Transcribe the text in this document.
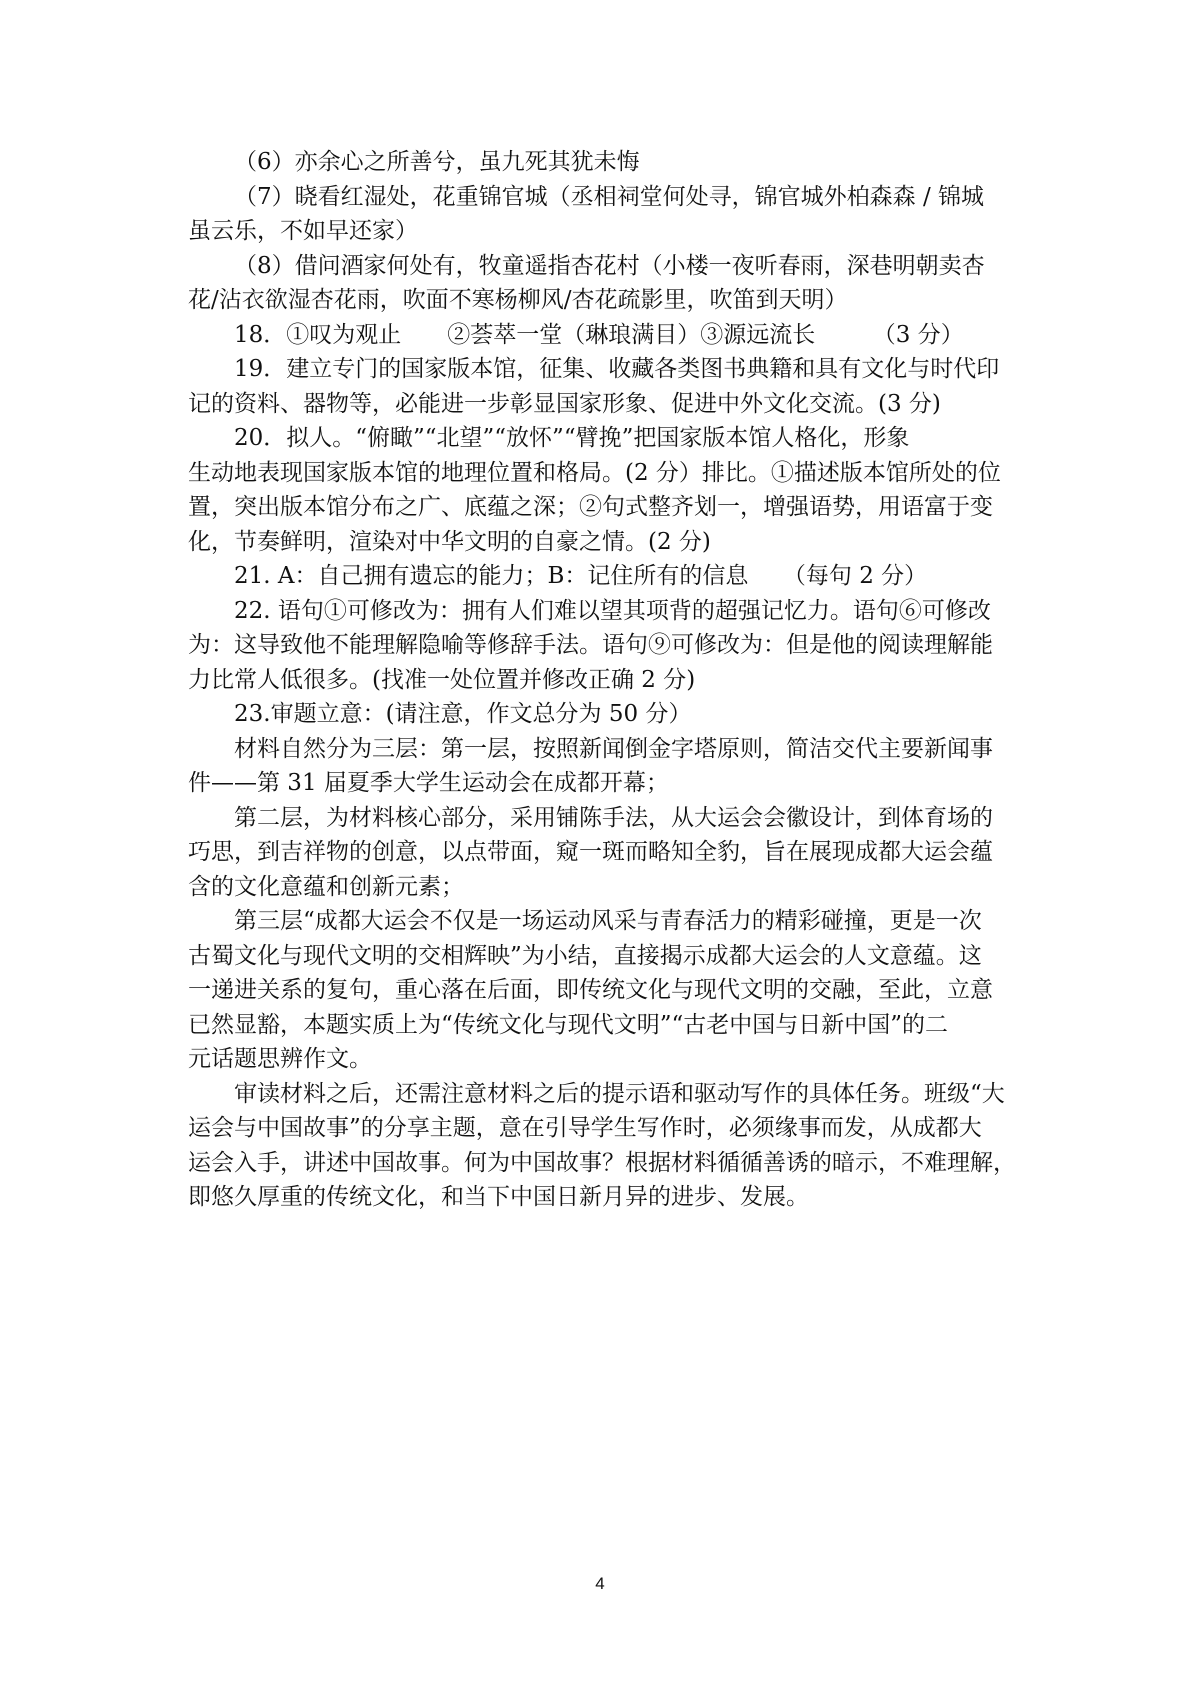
（6）亦余心之所善兮，虽九死其犹未悔
（7）晓看红湿处，花重锦官城（丞相祠堂何处寻，锦官城外柏森森 / 锦城
虽云乐，不如早还家）
（8）借问酒家何处有，牧童遥指杏花村（小楼一夜听春雨，深巷明朝卖杏
花/沾衣欲湿杏花雨，吹面不寒杨柳风/杏花疏影里，吹笛到天明）
18．①叹为观止　　②荟萃一堂（琳琅满目）③源远流长　　　（3 分）
19．建立专门的国家版本馆，征集、收藏各类图书典籍和具有文化与时代印
记的资料、器物等，必能进一步彰显国家形象、促进中外文化交流。(3 分)
20．拟人。“俯瞰”“北望”“放怀”“臂挽”把国家版本馆人格化，形象
生动地表现国家版本馆的地理位置和格局。(2 分）排比。①描述版本馆所处的位
置，突出版本馆分布之广、底蕴之深；②句式整齐划一，增强语势，用语富于变
化，节奏鲜明，渲染对中华文明的自豪之情。(2 分)
21. A：自己拥有遗忘的能力；B：记住所有的信息　　（每句 2 分）
22. 语句①可修改为：拥有人们难以望其项背的超强记忆力。语句⑥可修改
为：这导致他不能理解隐喻等修辞手法。语句⑨可修改为：但是他的阅读理解能
力比常人低很多。(找准一处位置并修改正确 2 分)
23.审题立意：(请注意，作文总分为 50 分）
材料自然分为三层：第一层，按照新闻倒金字塔原则，简洁交代主要新闻事
件——第 31 届夏季大学生运动会在成都开幕；
第二层，为材料核心部分，采用铺陈手法，从大运会会徽设计，到体育场的
巧思，到吉祥物的创意，以点带面，窥一斑而略知全豹，旨在展现成都大运会蕴
含的文化意蕴和创新元素；
第三层“成都大运会不仅是一场运动风采与青春活力的精彩碰撞，更是一次
古蜀文化与现代文明的交相辉映”为小结，直接揭示成都大运会的人文意蕴。这
一递进关系的复句，重心落在后面，即传统文化与现代文明的交融，至此，立意
已然显豁，本题实质上为“传统文化与现代文明”“古老中国与日新中国”的二
元话题思辨作文。
审读材料之后，还需注意材料之后的提示语和驱动写作的具体任务。班级“大
运会与中国故事”的分享主题，意在引导学生写作时，必须缘事而发，从成都大
运会入手，讲述中国故事。何为中国故事？根据材料循循善诱的暗示，不难理解，
即悠久厚重的传统文化，和当下中国日新月异的进步、发展。
4
